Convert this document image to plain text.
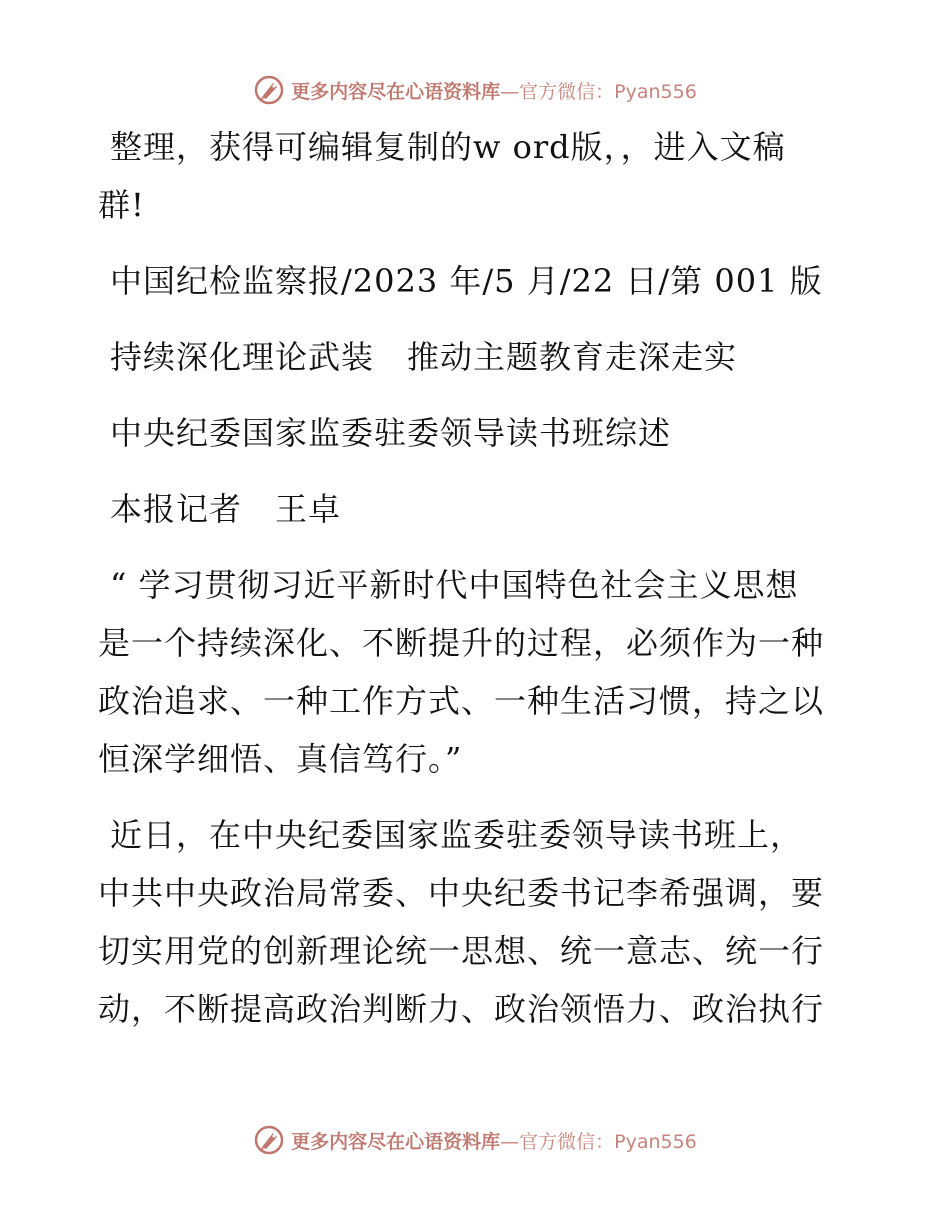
更多内容尽在心语资料库—官方微信：Pyan556

整理，获得可编辑复制的w ord版，，进入文稿

群!

中国纪检监察报/2023 年/5 月/22 日/第 001 版

持续深化理论武装　推动主题教育走深走实

中央纪委国家监委驻委领导读书班综述

本报记者　王卓

“ 学习贯彻习近平新时代中国特色社会主义思想

是一个持续深化、不断提升的过程，必须作为一种

政治追求、一种工作方式、一种生活习惯，持之以

恒深学细悟、真信笃行。”

近日，在中央纪委国家监委驻委领导读书班上，

中共中央政治局常委、中央纪委书记李希强调，要

切实用党的创新理论统一思想、统一意志、统一行

动，不断提高政治判断力、政治领悟力、政治执行

更多内容尽在心语资料库—官方微信：Pyan556
